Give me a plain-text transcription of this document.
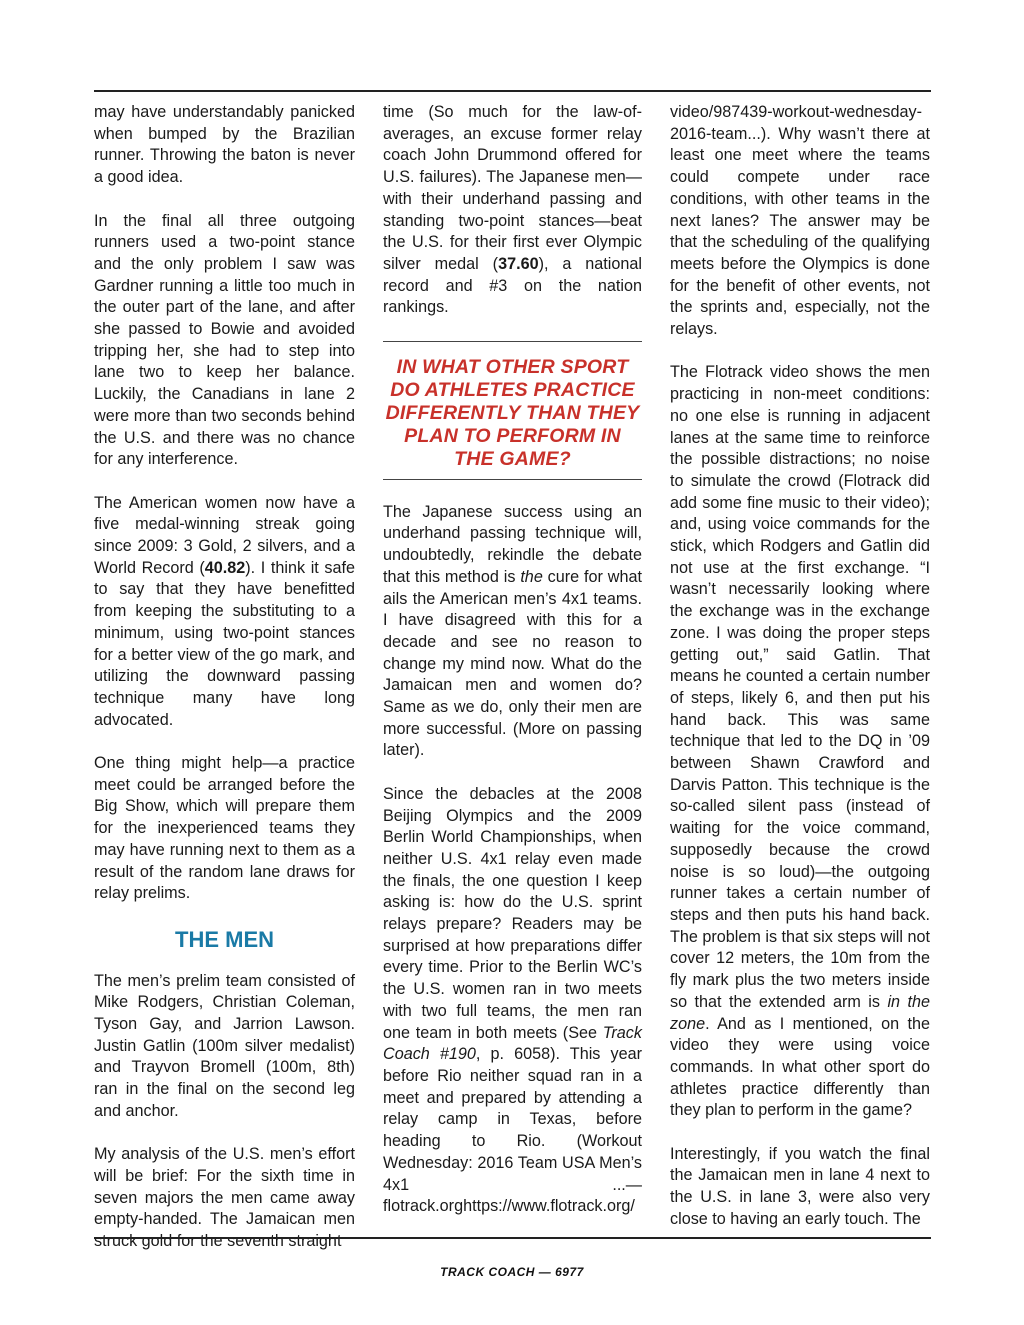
may have understandably panicked when bumped by the Brazilian runner. Throwing the baton is never a good idea.

In the final all three outgoing runners used a two-point stance and the only problem I saw was Gardner running a little too much in the outer part of the lane, and after she passed to Bowie and avoided tripping her, she had to step into lane two to keep her balance. Luckily, the Canadians in lane 2 were more than two seconds behind the U.S. and there was no chance for any interference.

The American women now have a five medal-winning streak going since 2009: 3 Gold, 2 silvers, and a World Record (40.82). I think it safe to say that they have benefitted from keeping the substituting to a minimum, using two-point stances for a better view of the go mark, and utilizing the downward passing technique many have long advocated.

One thing might help—a practice meet could be arranged before the Big Show, which will prepare them for the inexperienced teams they may have running next to them as a result of the random lane draws for relay prelims.

THE MEN

The men’s prelim team consisted of Mike Rodgers, Christian Coleman, Tyson Gay, and Jarrion Lawson. Justin Gatlin (100m silver medalist) and Trayvon Bromell (100m, 8th) ran in the final on the second leg and anchor.

My analysis of the U.S. men’s effort will be brief: For the sixth time in seven majors the men came away empty-handed. The Jamaican men struck gold for the seventh straight

time (So much for the law-of-averages, an excuse former relay coach John Drummond offered for U.S. failures). The Japanese men—with their underhand passing and standing two-point stances—beat the U.S. for their first ever Olympic silver medal (37.60), a national record and #3 on the nation rankings.

IN WHAT OTHER SPORT DO ATHLETES PRACTICE DIFFERENTLY THAN THEY PLAN TO PERFORM IN THE GAME?

The Japanese success using an underhand passing technique will, undoubtedly, rekindle the debate that this method is the cure for what ails the American men’s 4x1 teams. I have disagreed with this for a decade and see no reason to change my mind now. What do the Jamaican men and women do? Same as we do, only their men are more successful. (More on passing later).

Since the debacles at the 2008 Beijing Olympics and the 2009 Berlin World Championships, when neither U.S. 4x1 relay even made the finals, the one question I keep asking is: how do the U.S. sprint relays prepare? Readers may be surprised at how preparations differ every time. Prior to the Berlin WC’s the U.S. women ran in two meets with two full teams, the men ran one team in both meets (See Track Coach #190, p. 6058). This year before Rio neither squad ran in a meet and prepared by attending a relay camp in Texas, before heading to Rio. (Workout Wednesday: 2016 Team USA Men’s 4x1 ...—flotrack.orghttps://www.flotrack.org/

video/987439-workout-wednesday-2016-team...). Why wasn’t there at least one meet where the teams could compete under race conditions, with other teams in the next lanes? The answer may be that the scheduling of the qualifying meets before the Olympics is done for the benefit of other events, not the sprints and, especially, not the relays.

The Flotrack video shows the men practicing in non-meet conditions: no one else is running in adjacent lanes at the same time to reinforce the possible distractions; no noise to simulate the crowd (Flotrack did add some fine music to their video); and, using voice commands for the stick, which Rodgers and Gatlin did not use at the first exchange. “I wasn’t necessarily looking where the exchange was in the exchange zone. I was doing the proper steps getting out,” said Gatlin. That means he counted a certain number of steps, likely 6, and then put his hand back. This was same technique that led to the DQ in ’09 between Shawn Crawford and Darvis Patton. This technique is the so-called silent pass (instead of waiting for the voice command, supposedly because the crowd noise is so loud)—the outgoing runner takes a certain number of steps and then puts his hand back. The problem is that six steps will not cover 12 meters, the 10m from the fly mark plus the two meters inside so that the extended arm is in the zone. And as I mentioned, on the video they were using voice commands. In what other sport do athletes practice differently than they plan to perform in the game?

Interestingly, if you watch the final the Jamaican men in lane 4 next to the U.S. in lane 3, were also very close to having an early touch. The

TRACK COACH — 6977
